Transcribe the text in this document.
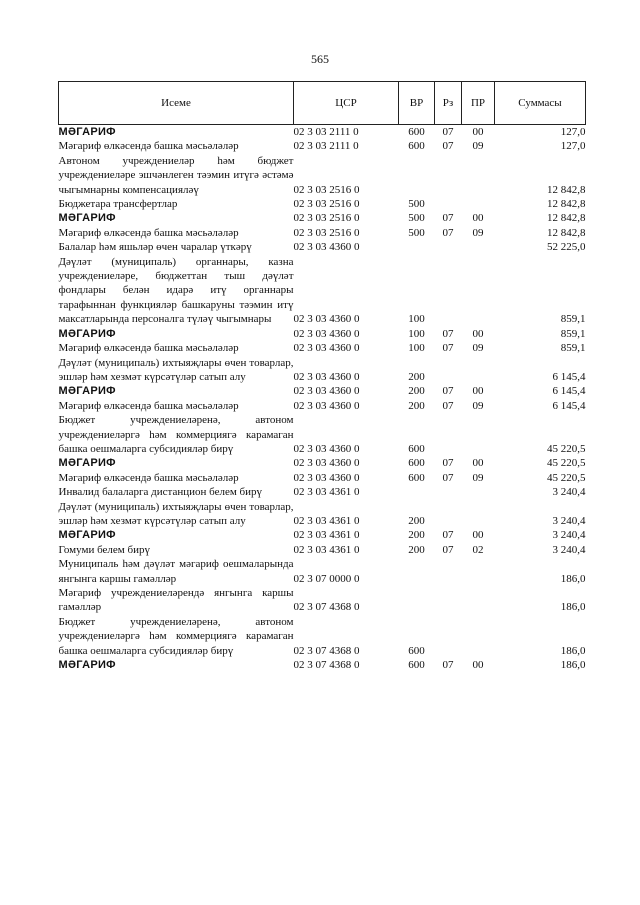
565
Исеме	ЦСР	ВР	Рз	ПР	Суммасы
МӘГАРИФ	02 3 03 2111 0	600	07	00	127,0
Мәгариф өлкәсендә башка мәсьәләләр	02 3 03 2111 0	600	07	09	127,0
Автоном учреждениеләр һәм бюджет учреждениеләре эшчәнлеген тәэмин итүгә әстәмә чыгымнарны компенсацияләү	02 3 03 2516 0				12 842,8
Бюджетара трансфертлар	02 3 03 2516 0	500			12 842,8
МӘГАРИФ	02 3 03 2516 0	500	07	00	12 842,8
Мәгариф өлкәсендә башка мәсьәләләр	02 3 03 2516 0	500	07	09	12 842,8
Балалар һәм яшьләр өчен чаралар үткәрү	02 3 03 4360 0				52 225,0
Дәүләт (муниципаль) органнары, казна учреждениеләре, бюджеттан тыш дәүләт фондлары белән идарә итү органнары тарафыннан функцияләр башкаруны тәэмин итү максатларында персоналга түләү чыгымнары	02 3 03 4360 0	100			859,1
МӘГАРИФ	02 3 03 4360 0	100	07	00	859,1
Мәгариф өлкәсендә башка мәсьәләләр	02 3 03 4360 0	100	07	09	859,1
Дәүләт (муниципаль) ихтыяҗлары өчен товарлар, эшләр һәм хезмәт күрсәтүләр сатып алу	02 3 03 4360 0	200			6 145,4
МӘГАРИФ	02 3 03 4360 0	200	07	00	6 145,4
Мәгариф өлкәсендә башка мәсьәләләр	02 3 03 4360 0	200	07	09	6 145,4
Бюджет учреждениеләренә, автоном учреждениеләргә һәм коммерциягә карамаган башка оешмаларга субсидияләр бирү	02 3 03 4360 0	600			45 220,5
МӘГАРИФ	02 3 03 4360 0	600	07	00	45 220,5
Мәгариф өлкәсендә башка мәсьәләләр	02 3 03 4360 0	600	07	09	45 220,5
Инвалид балаларга дистанцион белем бирү	02 3 03 4361 0				3 240,4
Дәүләт (муниципаль) ихтыяҗлары өчен товарлар, эшләр һәм хезмәт күрсәтүләр сатып алу	02 3 03 4361 0	200			3 240,4
МӘГАРИФ	02 3 03 4361 0	200	07	00	3 240,4
Гомуми белем бирү	02 3 03 4361 0	200	07	02	3 240,4
Муниципаль һәм дәүләт мәгариф оешмаларында янгынга каршы гамәлләр	02 3 07 0000 0				186,0
Мәгариф учреждениеләрендә янгынга каршы гамәлләр	02 3 07 4368 0				186,0
Бюджет учреждениеләренә, автоном учреждениеләргә һәм коммерциягә карамаган башка оешмаларга субсидияләр бирү	02 3 07 4368 0	600			186,0
МӘГАРИФ	02 3 07 4368 0	600	07	00	186,0
